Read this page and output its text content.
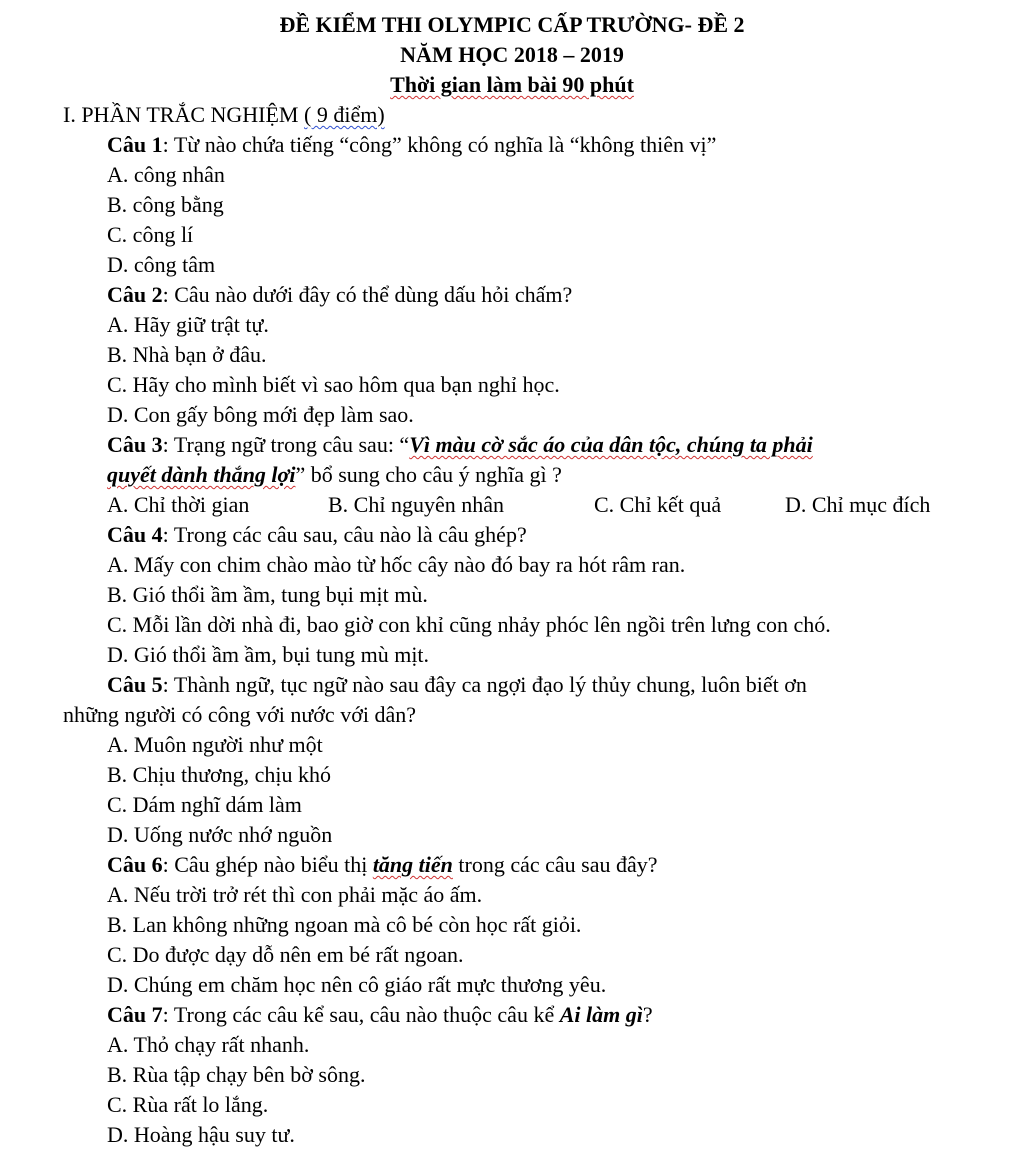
ĐỀ KIỂM THI OLYMPIC CẤP TRƯỜNG- ĐỀ 2
NĂM HỌC 2018 – 2019
Thời gian làm bài 90 phút
I. PHẦN TRẮC NGHIỆM ( 9 điểm)
Câu 1: Từ nào chứa tiếng “công” không có nghĩa là “không thiên vị”
A. công nhân
B. công bằng
C. công lí
D. công tâm
Câu 2: Câu nào dưới đây có thể dùng dấu hỏi chấm?
A. Hãy giữ trật tự.
B. Nhà bạn ở đâu.
C. Hãy cho mình biết vì sao hôm qua bạn nghỉ học.
D. Con gấy bông mới đẹp làm sao.
Câu 3: Trạng ngữ trong câu sau: “Vì màu cờ sắc áo của dân tộc, chúng ta phải
quyết dành thắng lợi” bổ sung cho câu ý nghĩa gì ?
A. Chỉ thời gian	B. Chỉ nguyên nhân	C. Chỉ kết quả	D. Chỉ mục đích
Câu 4: Trong các câu sau, câu nào là câu ghép?
A. Mấy con chim chào mào từ hốc cây nào đó bay ra hót râm ran.
B. Gió thổi ầm ầm, tung bụi mịt mù.
C. Mỗi lần dời nhà đi, bao giờ con khỉ cũng nhảy phóc lên ngồi trên lưng con chó.
D. Gió thổi ầm ầm, bụi tung mù mịt.
Câu 5: Thành ngữ, tục ngữ nào sau đây ca ngợi đạo lý thủy chung, luôn biết ơn
những người có công với nước với dân?
A. Muôn người như một
B. Chịu thương, chịu khó
C. Dám nghĩ dám làm
D. Uống nước nhớ nguồn
Câu 6: Câu ghép nào biểu thị tăng tiến trong các câu sau đây?
A. Nếu trời trở rét thì con phải mặc áo ấm.
B. Lan không những ngoan mà cô bé còn học rất giỏi.
C. Do được dạy dỗ nên em bé rất ngoan.
D. Chúng em chăm học nên cô giáo rất mực thương yêu.
Câu 7: Trong các câu kể sau, câu nào thuộc câu kể Ai làm gì?
A. Thỏ chạy rất nhanh.
B. Rùa tập chạy bên bờ sông.
C. Rùa rất lo lắng.
D. Hoàng hậu suy tư.
